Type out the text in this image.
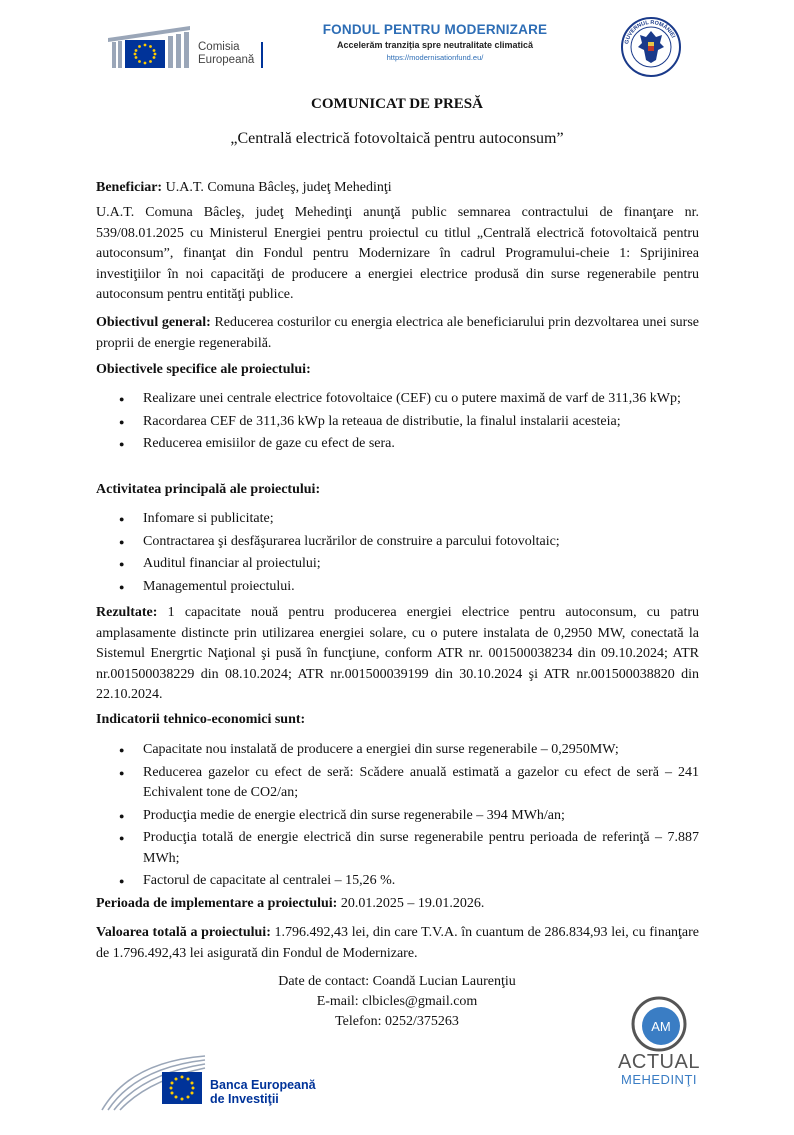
Comisia
Europeană
FONDUL PENTRU MODERNIZARE
Accelerăm tranziția spre neutralitate climatică
https://modernisationfund.eu/
GUVERNUL ROMÂNIEI
COMUNICAT DE PRESĂ
„Centrală electrică fotovoltaică pentru autoconsum”
Beneficiar: U.A.T. Comuna Bâcleş, judeţ Mehedinţi
U.A.T. Comuna Bâcleş, judeţ Mehedinţi anunţă public semnarea contractului de finanţare nr. 539/08.01.2025 cu Ministerul Energiei pentru proiectul cu titlul „Centrală electrică fotovoltaică pentru autoconsum”, finanţat din Fondul pentru Modernizare în cadrul Programului-cheie 1: Sprijinirea investiţiilor în noi capacităţi de producere a energiei electrice produsă din surse regenerabile pentru autoconsum pentru entităţi publice.
Obiectivul general: Reducerea costurilor cu energia electrica ale beneficiarului prin dezvoltarea unei surse proprii de energie regenerabilă.
Obiectivele specifice ale proiectului:
● Realizare unei centrale electrice fotovoltaice (CEF) cu o putere maximă de varf de 311,36 kWp;
● Racordarea CEF de 311,36 kWp la reteaua de distributie, la finalul instalarii acesteia;
● Reducerea emisiilor de gaze cu efect de sera.
Activitatea principală ale proiectului:
● Infomare si publicitate;
● Contractarea şi desfăşurarea lucrărilor de construire a parcului fotovoltaic;
● Auditul financiar al proiectului;
● Managementul proiectului.
Rezultate: 1 capacitate nouă pentru producerea energiei electrice pentru autoconsum, cu patru amplasamente distincte prin utilizarea energiei solare, cu o putere instalata de 0,2950 MW, conectată la Sistemul Energrtic Naţional şi pusă în funcţiune, conform ATR nr. 001500038234 din 09.10.2024; ATR nr.001500038229 din 08.10.2024; ATR nr.001500039199 din 30.10.2024 şi ATR nr.001500038820 din 22.10.2024.
Indicatorii tehnico-economici sunt:
● Capacitate nou instalată de producere a energiei din surse regenerabile – 0,2950MW;
● Reducerea gazelor cu efect de seră: Scădere anuală estimată a gazelor cu efect de seră – 241 Echivalent tone de CO2/an;
● Producţia medie de energie electrică din surse regenerabile – 394 MWh/an;
● Producţia totală de energie electrică din surse regenerabile pentru perioada de referinţă – 7.887 MWh;
● Factorul de capacitate al centralei – 15,26 %.
Perioada de implementare a proiectului: 20.01.2025 – 19.01.2026.
Valoarea totală a proiectului: 1.796.492,43 lei, din care T.V.A. în cuantum de 286.834,93 lei, cu finanţare de 1.796.492,43 lei asigurată din Fondul de Modernizare.
Date de contact: Coandă Lucian Laurenţiu
E-mail: clbicles@gmail.com
Telefon: 0252/375263
Banca Europeană
de Investiţii
AM
ACTUAL
MEHEDINŢI
